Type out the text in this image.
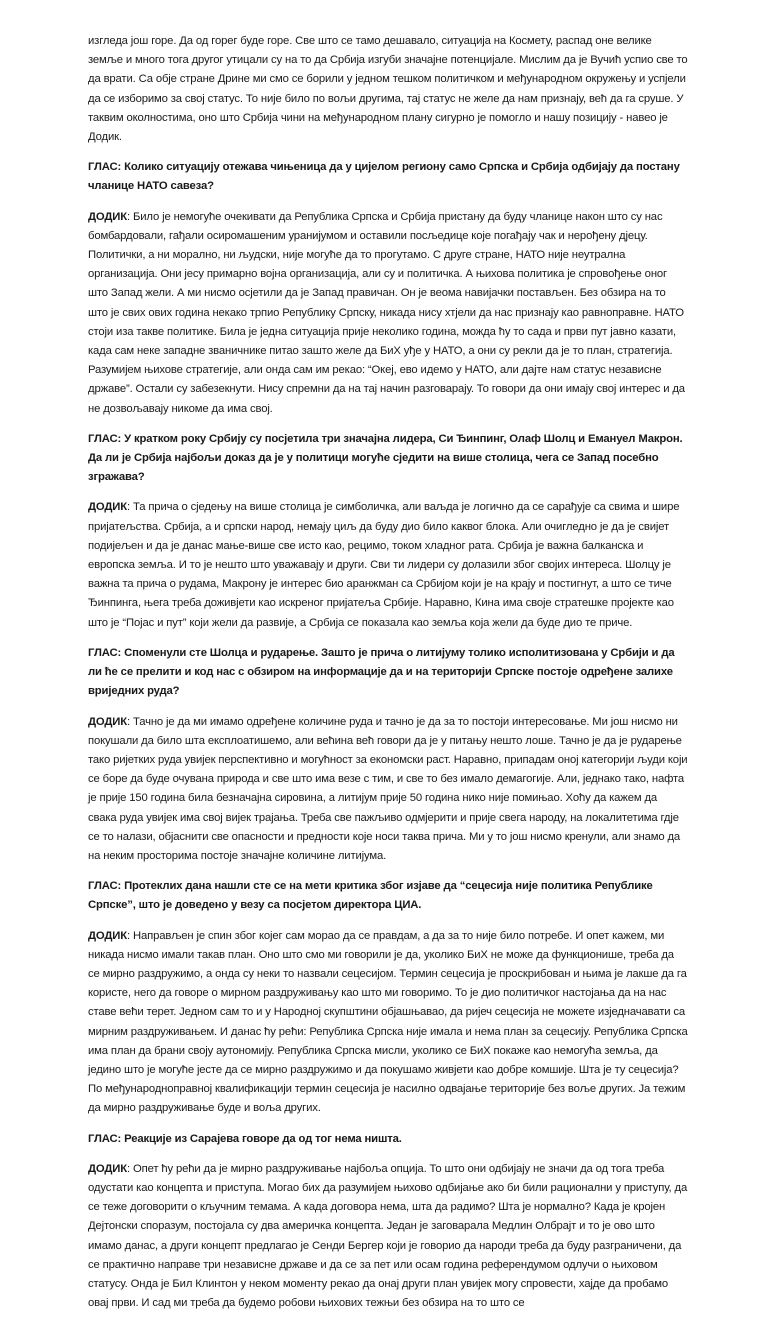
изгледа још горе. Да од горег буде горе. Све што се тамо дешавало, ситуација на Космету, распад оне велике земље и много тога другог утицали су на то да Србија изгуби значајне потенцијале. Мислим да је Вучић успио све то да врати. Са обје стране Дрине ми смо се борили у једном тешком политичком и међународном окружењу и успјели да се изборимо за свој статус. То није било по вољи другима, тај статус не желе да нам признају, већ да га сруше. У таквим околностима, оно што Србија чини на међународном плану сигурно је помогло и нашу позицију - навео је Додик.

ГЛАС: Колико ситуацију отежава чињеница да у цијелом региону само Српска и Србија одбијају да постану чланице НАТО савеза?

ДОДИК: Било је немогуће очекивати да Република Српска и Србија пристану да буду чланице након што су нас бомбардовали, гађали осиромашеним уранијумом и оставили посљедице које погађају чак и нерођену дјецу. Политички, а ни морално, ни људски, није могуће да то прогутамо. С друге стране, НАТО није неутрална организација. Они јесу примарно војна организација, али су и политичка. А њихова политика је спровођење оног што Запад жели. А ми нисмо осјетили да је Запад правичан. Он је веома навијачки постављен. Без обзира на то што је свих ових година некако трпио Републику Српску, никада нису хтјели да нас признају као равноправне. НАТО стоји иза такве политике. Била је једна ситуација прије неколико година, можда ћу то сада и први пут јавно казати, када сам неке западне званичнике питао зашто желе да БиХ уђе у НАТО, а они су рекли да је то план, стратегија. Разумијем њихове стратегије, али онда сам им рекао: “Океј, ево идемо у НАТО, али дајте нам статус независне државе”. Остали су забезекнути. Нису спремни да на тај начин разговарају. То говори да они имају свој интерес и да не дозвољавају никоме да има свој.

ГЛАС: У кратком року Србију су посјетила три значајна лидера, Си Ђинпинг, Олаф Шолц и Емануел Макрон. Да ли је Србија најбољи доказ да је у политици могуће сједити на више столица, чега се Запад посебно згражава?

ДОДИК: Та прича о сједењу на више столица је симболичка, али ваљда је логично да се сарађује са свима и шире пријатељства. Србија, а и српски народ, немају циљ да буду дио било каквог блока. Али очигледно је да је свијет подијељен и да је данас мање-више све исто као, рецимо, током хладног рата. Србија је важна балканска и европска земља. И то је нешто што уважавају и други. Сви ти лидери су долазили због својих интереса. Шолцу је важна та прича о рудама, Макрону је интерес био аранжман са Србијом који је на крају и постигнут, а што се тиче Ђинпинга, њега треба доживјети као искреног пријатеља Србије. Наравно, Кина има своје стратешке пројекте као што је “Појас и пут” који жели да развије, а Србија се показала као земља која жели да буде дио те приче.

ГЛАС: Споменули сте Шолца и рударење. Зашто је прича о литијуму толико исполитизована у Србији и да ли ће се прелити и код нас с обзиром на информације да и на територији Српске постоје одређене залихе вриједних руда?

ДОДИК: Тачно је да ми имамо одређене количине руда и тачно је да за то постоји интересовање. Ми још нисмо ни покушали да било шта експлоатишемо, али већина већ говори да је у питању нешто лоше. Тачно је да је рударење тако ријетких руда увијек перспективно и могућност за економски раст. Наравно, припадам оној категорији људи који се боре да буде очувана природа и све што има везе с тим, и све то без имало демагогије. Али, једнако тако, нафта је прије 150 година била безначајна сировина, а литијум прије 50 година нико није помињао. Хоћу да кажем да свака руда увијек има свој вијек трајања. Треба све пажљиво одмјерити и прије свега народу, на локалитетима гдје се то налази, објаснити све опасности и предности које носи таква прича. Ми у то још нисмо кренули, али знамо да на неким просторима постоје значајне количине литијума.

ГЛАС: Протеклих дана нашли сте се на мети критика због изјаве да “сецесија није политика Републике Српске”, што је доведено у везу са посјетом директора ЦИА.

ДОДИК: Направљен је спин због којег сам морао да се правдам, а да за то није било потребе. И опет кажем, ми никада нисмо имали такав план. Оно што смо ми говорили је да, уколико БиХ не може да функционише, треба да се мирно раздружимо, а онда су неки то назвали сецесијом. Термин сецесија је проскрибован и њима је лакше да га користе, него да говоре о мирном раздруживању као што ми говоримо. То је дио политичког настојања да на нас ставе већи терет. Једном сам то и у Народној скупштини објашњавао, да ријеч сецесија не можете изједначавати са мирним раздруживањем. И данас ћу рећи: Република Српска није имала и нема план за сецесију. Република Српска има план да брани своју аутономију. Република Српска мисли, уколико се БиХ покаже као немогућа земља, да једино што је могуће јесте да се мирно раздружимо и да покушамо живјети као добре комшије. Шта је ту сецесија? По међународноправној квалификацији термин сецесија је насилно одвајање територије без воље других. Ја тежим да мирно раздруживање буде и воља других.

ГЛАС: Реакције из Сарајева говоре да од тог нема ништа.

ДОДИК: Опет ћу рећи да је мирно раздруживање најбоља опција. То што они одбијају не значи да од тога треба одустати као концепта и приступа. Могао бих да разумијем њихово одбијање ако би били рационални у приступу, да се теже договорити о кључним темама. А када договора нема, шта да радимо? Шта је нормално? Када је кројен Дејтонски споразум, постојала су два америчка концепта. Један је заговарала Медлин Олбрајт и то је ово што имамо данас, а други концепт предлагао је Сенди Бергер који је говорио да народи треба да буду разграничени, да се практично направе три независне државе и да се за пет или осам година референдумом одлучи о њиховом статусу. Онда је Бил Клинтон у неком моменту рекао да онај други план увијек могу спровести, хајде да пробамо овај први. И сад ми треба да будемо робови њихових тежњи без обзира на то што се
